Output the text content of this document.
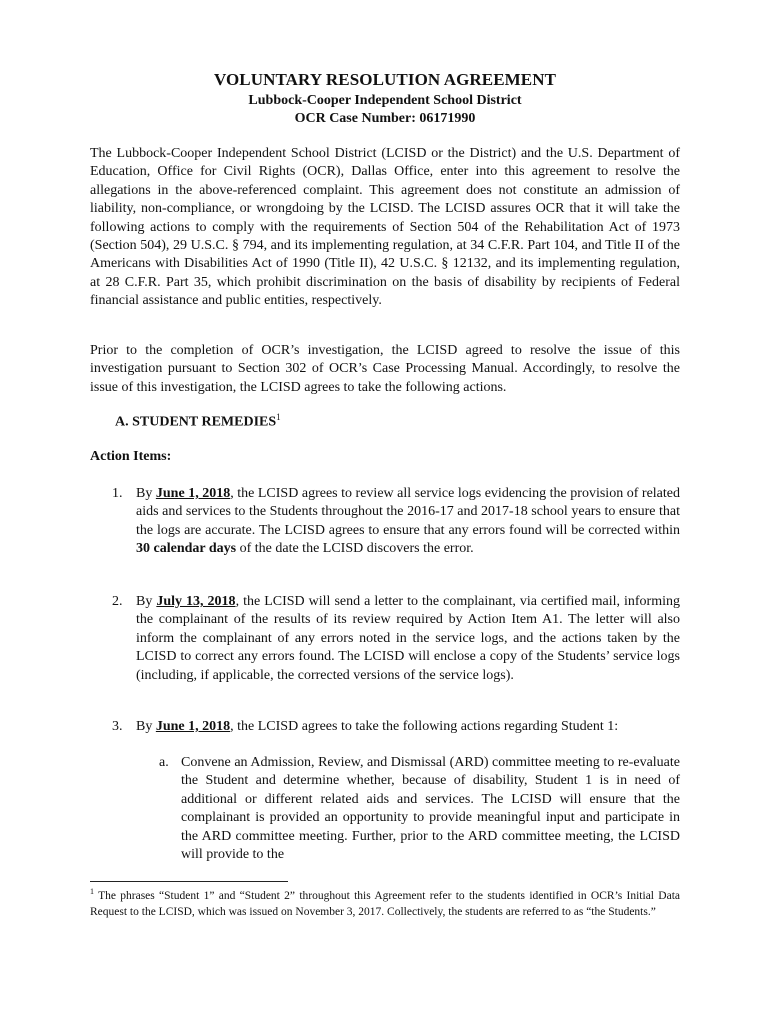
VOLUNTARY RESOLUTION AGREEMENT
Lubbock-Cooper Independent School District
OCR Case Number: 06171990

The Lubbock-Cooper Independent School District (LCISD or the District) and the U.S. Department of Education, Office for Civil Rights (OCR), Dallas Office, enter into this agreement to resolve the allegations in the above-referenced complaint. This agreement does not constitute an admission of liability, non-compliance, or wrongdoing by the LCISD. The LCISD assures OCR that it will take the following actions to comply with the requirements of Section 504 of the Rehabilitation Act of 1973 (Section 504), 29 U.S.C. § 794, and its implementing regulation, at 34 C.F.R. Part 104, and Title II of the Americans with Disabilities Act of 1990 (Title II), 42 U.S.C. § 12132, and its implementing regulation, at 28 C.F.R. Part 35, which prohibit discrimination on the basis of disability by recipients of Federal financial assistance and public entities, respectively.

Prior to the completion of OCR’s investigation, the LCISD agreed to resolve the issue of this investigation pursuant to Section 302 of OCR’s Case Processing Manual. Accordingly, to resolve the issue of this investigation, the LCISD agrees to take the following actions.

A. STUDENT REMEDIES$^1$
Action Items:
1. By June 1, 2018, the LCISD agrees to review all service logs evidencing the provision of related aids and services to the Students throughout the 2016-17 and 2017-18 school years to ensure that the logs are accurate. The LCISD agrees to ensure that any errors found will be corrected within 30 calendar days of the date the LCISD discovers the error.
2. By July 13, 2018, the LCISD will send a letter to the complainant, via certified mail, informing the complainant of the results of its review required by Action Item A1. The letter will also inform the complainant of any errors noted in the service logs, and the actions taken by the LCISD to correct any errors found. The LCISD will enclose a copy of the Students’ service logs (including, if applicable, the corrected versions of the service logs).
3. By June 1, 2018, the LCISD agrees to take the following actions regarding Student 1:
a. Convene an Admission, Review, and Dismissal (ARD) committee meeting to re-evaluate the Student and determine whether, because of disability, Student 1 is in need of additional or different related aids and services. The LCISD will ensure that the complainant is provided an opportunity to provide meaningful input and participate in the ARD committee meeting. Further, prior to the ARD committee meeting, the LCISD will provide to the

$^1$ The phrases “Student 1” and “Student 2” throughout this Agreement refer to the students identified in OCR’s Initial Data Request to the LCISD, which was issued on November 3, 2017. Collectively, the students are referred to as “the Students.”
